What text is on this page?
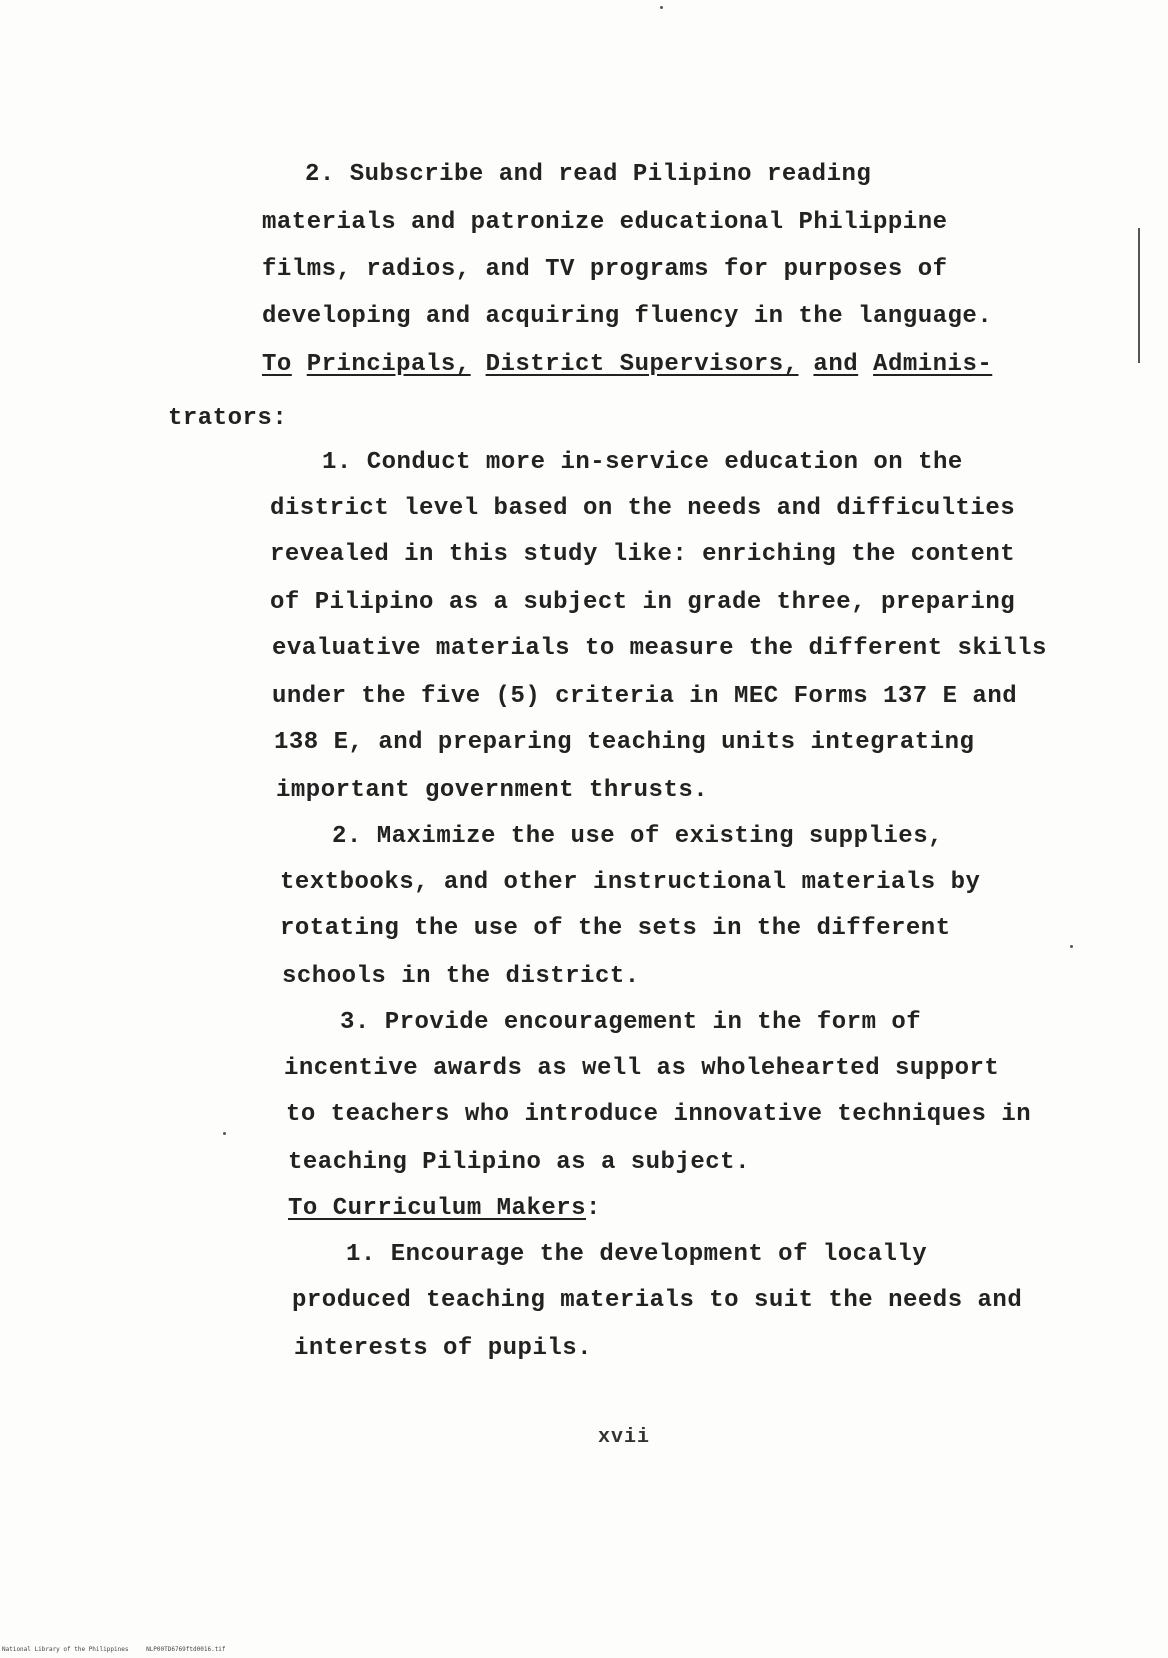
2. Subscribe and read Pilipino reading
materials and patronize educational Philippine
films, radios, and TV programs for purposes of
developing and acquiring fluency in the language.
To Principals, District Supervisors, and Adminis-
trators:
1. Conduct more in-service education on the
district level based on the needs and difficulties
revealed in this study like: enriching the content
of Pilipino as a subject in grade three, preparing
evaluative materials to measure the different skills
under the five (5) criteria in MEC Forms 137 E and
138 E, and preparing teaching units integrating
important government thrusts.
2. Maximize the use of existing supplies,
textbooks, and other instructional materials by
rotating the use of the sets in the different
schools in the district.
3. Provide encouragement in the form of
incentive awards as well as wholehearted support
to teachers who introduce innovative techniques in
teaching Pilipino as a subject.
To Curriculum Makers:
1. Encourage the development of locally
produced teaching materials to suit the needs and
interests of pupils.
xvii
National Library of the Philippines	NLP00TD6769ftd0016.tif
